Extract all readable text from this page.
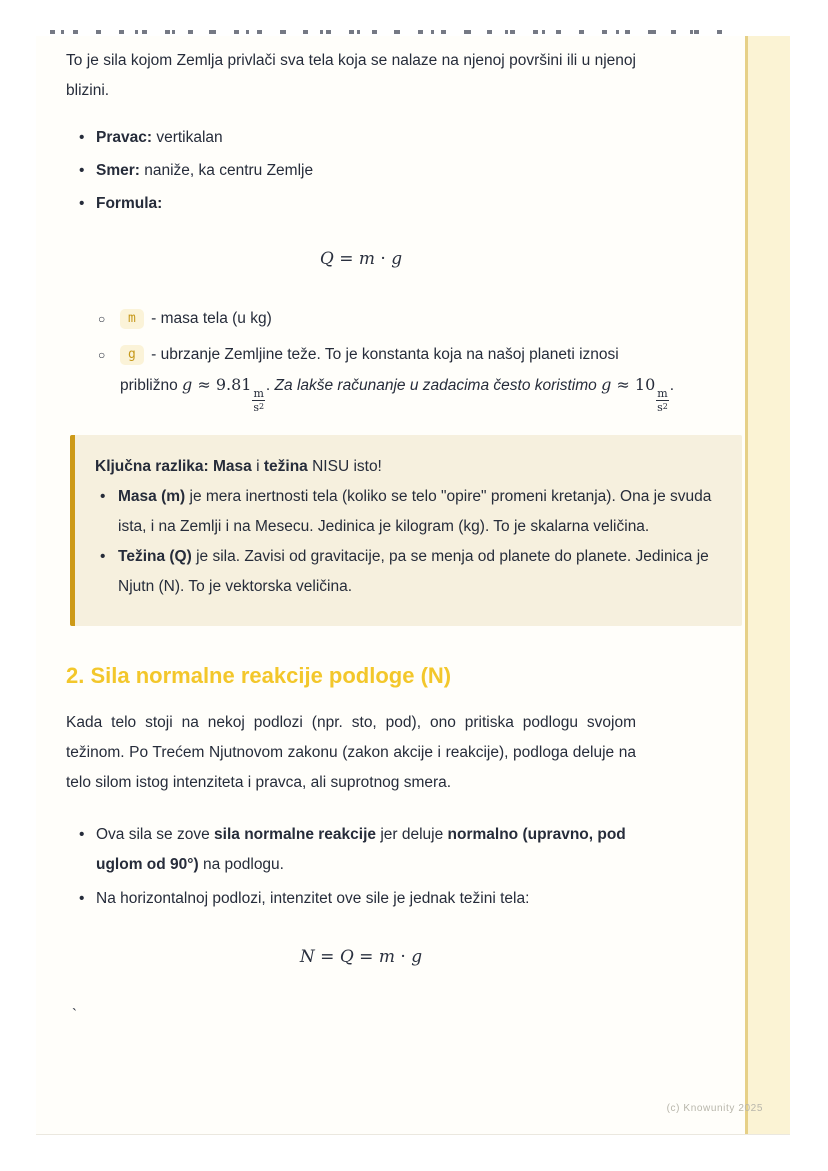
To je sila kojom Zemlja privlači sva tela koja se nalaze na njenoj površini ili u njenoj blizini.

• Pravac: vertikalan
• Smer: naniže, ka centru Zemlje
• Formula:
Q = m · g
○ m - masa tela (u kg)
○ g - ubrzanje Zemljine teže. To je konstanta koja na našoj planeti iznosi približno g ≈ 9.81
$\frac{m}{s^2}$
. Za lakše računanje u zadacima često koristimo g ≈ 10
$\frac{m}{s^2}$
.

Ključna razlika: Masa i težina NISU isto!

• Masa (m) je mera inertnosti tela (koliko se telo "opire" promeni kretanja). Ona je svuda ista, i na Zemlji i na Mesecu. Jedinica je kilogram (kg). To je skalarna veličina.
• Težina (Q) je sila. Zavisi od gravitacije, pa se menja od planete do planete. Jedinica je Njutn (N). To je vektorska veličina.
2. Sila normalne reakcije podloge (N)

Kada telo stoji na nekoj podlozi (npr. sto, pod), ono pritiska podlogu svojom težinom. Po Trećem Njutnovom zakonu (zakon akcije i reakcije), podloga deluje na telo silom istog intenziteta i pravca, ali suprotnog smera.

• Ova sila se zove sila normalne reakcije jer deluje normalno (upravno, pod uglom od 90°) na podlogu.
• Na horizontalnoj podlozi, intenzitet ove sile je jednak težini tela:
N = Q = m · g

`

(c) Knowunity 2025
